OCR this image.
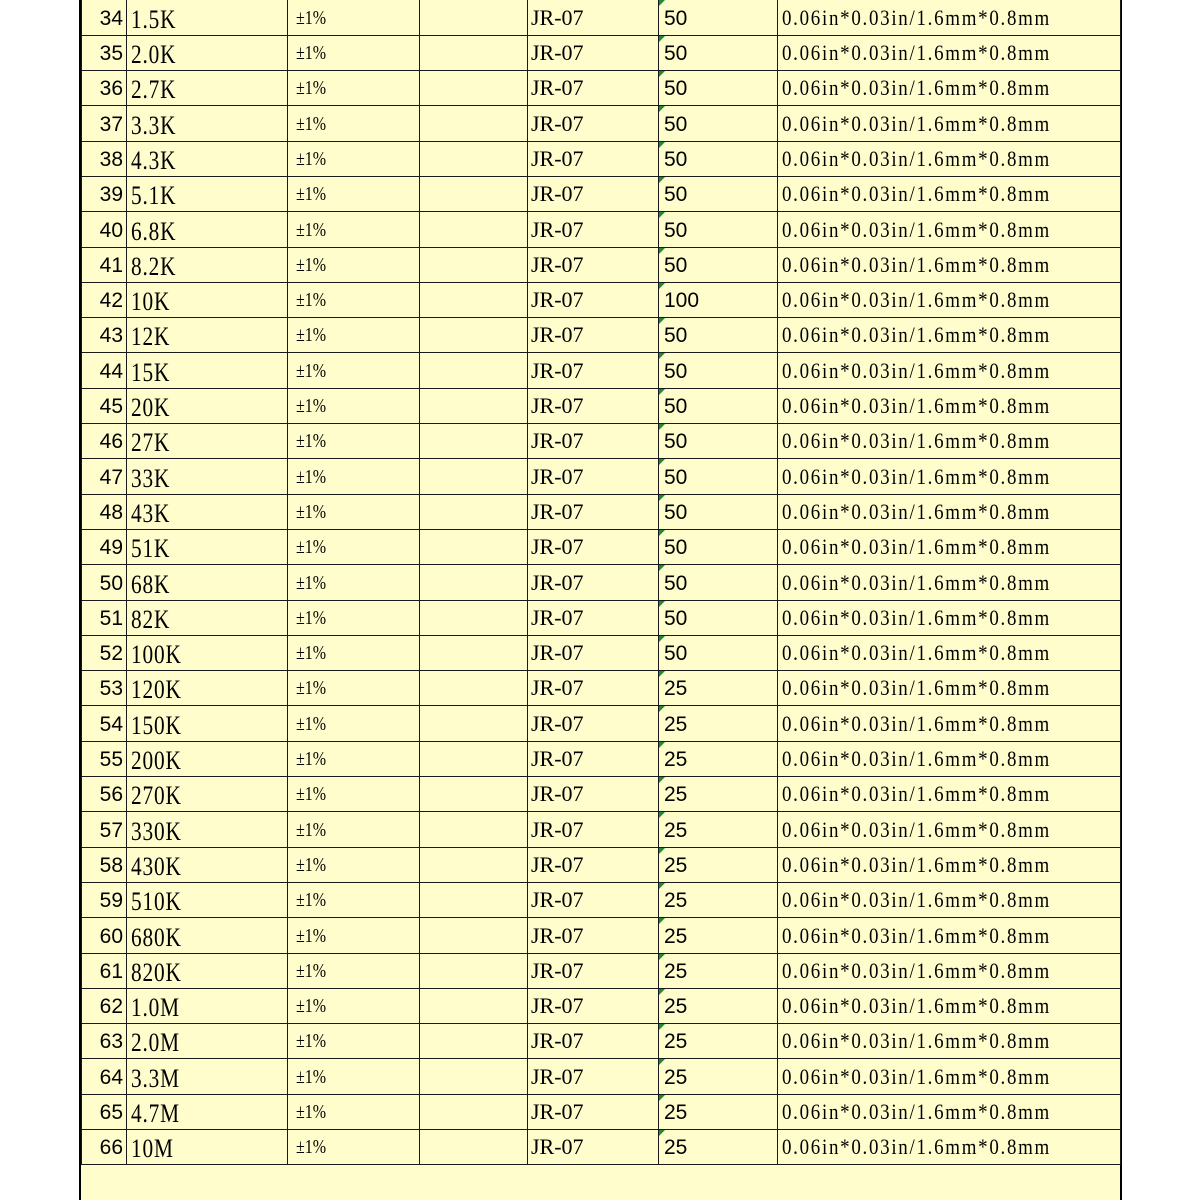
34	1.5K	±1%		JR-07	50	0.06in*0.03in/1.6mm*0.8mm
35	2.0K	±1%		JR-07	50	0.06in*0.03in/1.6mm*0.8mm
36	2.7K	±1%		JR-07	50	0.06in*0.03in/1.6mm*0.8mm
37	3.3K	±1%		JR-07	50	0.06in*0.03in/1.6mm*0.8mm
38	4.3K	±1%		JR-07	50	0.06in*0.03in/1.6mm*0.8mm
39	5.1K	±1%		JR-07	50	0.06in*0.03in/1.6mm*0.8mm
40	6.8K	±1%		JR-07	50	0.06in*0.03in/1.6mm*0.8mm
41	8.2K	±1%		JR-07	50	0.06in*0.03in/1.6mm*0.8mm
42	10K	±1%		JR-07	100	0.06in*0.03in/1.6mm*0.8mm
43	12K	±1%		JR-07	50	0.06in*0.03in/1.6mm*0.8mm
44	15K	±1%		JR-07	50	0.06in*0.03in/1.6mm*0.8mm
45	20K	±1%		JR-07	50	0.06in*0.03in/1.6mm*0.8mm
46	27K	±1%		JR-07	50	0.06in*0.03in/1.6mm*0.8mm
47	33K	±1%		JR-07	50	0.06in*0.03in/1.6mm*0.8mm
48	43K	±1%		JR-07	50	0.06in*0.03in/1.6mm*0.8mm
49	51K	±1%		JR-07	50	0.06in*0.03in/1.6mm*0.8mm
50	68K	±1%		JR-07	50	0.06in*0.03in/1.6mm*0.8mm
51	82K	±1%		JR-07	50	0.06in*0.03in/1.6mm*0.8mm
52	100K	±1%		JR-07	50	0.06in*0.03in/1.6mm*0.8mm
53	120K	±1%		JR-07	25	0.06in*0.03in/1.6mm*0.8mm
54	150K	±1%		JR-07	25	0.06in*0.03in/1.6mm*0.8mm
55	200K	±1%		JR-07	25	0.06in*0.03in/1.6mm*0.8mm
56	270K	±1%		JR-07	25	0.06in*0.03in/1.6mm*0.8mm
57	330K	±1%		JR-07	25	0.06in*0.03in/1.6mm*0.8mm
58	430K	±1%		JR-07	25	0.06in*0.03in/1.6mm*0.8mm
59	510K	±1%		JR-07	25	0.06in*0.03in/1.6mm*0.8mm
60	680K	±1%		JR-07	25	0.06in*0.03in/1.6mm*0.8mm
61	820K	±1%		JR-07	25	0.06in*0.03in/1.6mm*0.8mm
62	1.0M	±1%		JR-07	25	0.06in*0.03in/1.6mm*0.8mm
63	2.0M	±1%		JR-07	25	0.06in*0.03in/1.6mm*0.8mm
64	3.3M	±1%		JR-07	25	0.06in*0.03in/1.6mm*0.8mm
65	4.7M	±1%		JR-07	25	0.06in*0.03in/1.6mm*0.8mm
66	10M	±1%		JR-07	25	0.06in*0.03in/1.6mm*0.8mm
